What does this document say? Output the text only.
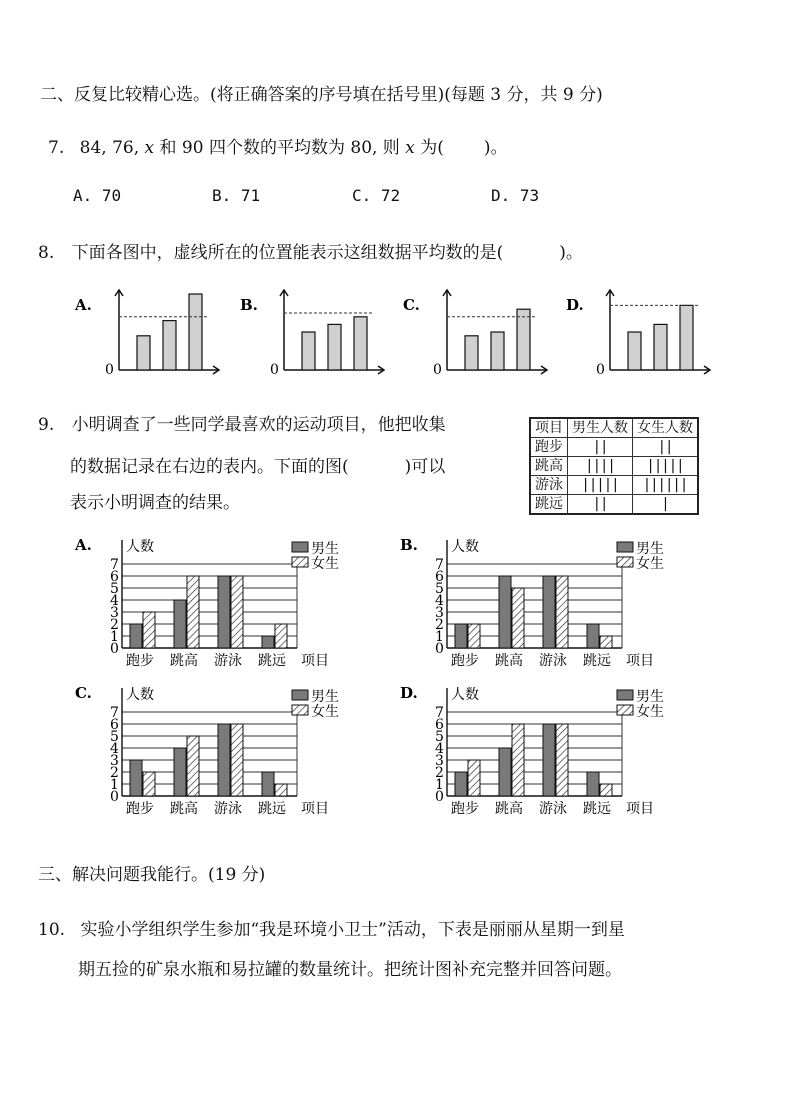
二、反复比较精心选。(将正确答案的序号填在括号里)(每题 3 分，共 9 分)
7. 84, 76, x 和 90 四个数的平均数为 80, 则 x 为( )。
A. 70	B. 71	C. 72	D. 73
8. 下面各图中，虚线所在的位置能表示这组数据平均数的是(	)。
A.
0
B.
0
C.
0
D.
0
9. 小明调查了一些同学最喜欢的运动项目，他把收集
的数据记录在右边的表内。下面的图(	)可以
表示小明调查的结果。
项目	男生人数	女生人数
跑步	||	||
跳高	||||	|||||
游泳	|||||	||||||
跳远	||	|
A. 人数
0
1
2
3
4
5
6
7
跑步 跳高 游泳 跳远 项目
男生
女生
B. 人数
0
1
2
3
4
5
6
7
跑步 跳高 游泳 跳远 项目
男生
女生
C. 人数
0
1
2
3
4
5
6
7
跑步 跳高 游泳 跳远 项目
男生
女生
D. 人数
0
1
2
3
4
5
6
7
跑步 跳高 游泳 跳远 项目
男生
女生
三、解决问题我能行。(19 分)
10. 实验小学组织学生参加“我是环境小卫士”活动，下表是丽丽从星期一到星
期五捡的矿泉水瓶和易拉罐的数量统计。把统计图补充完整并回答问题。
